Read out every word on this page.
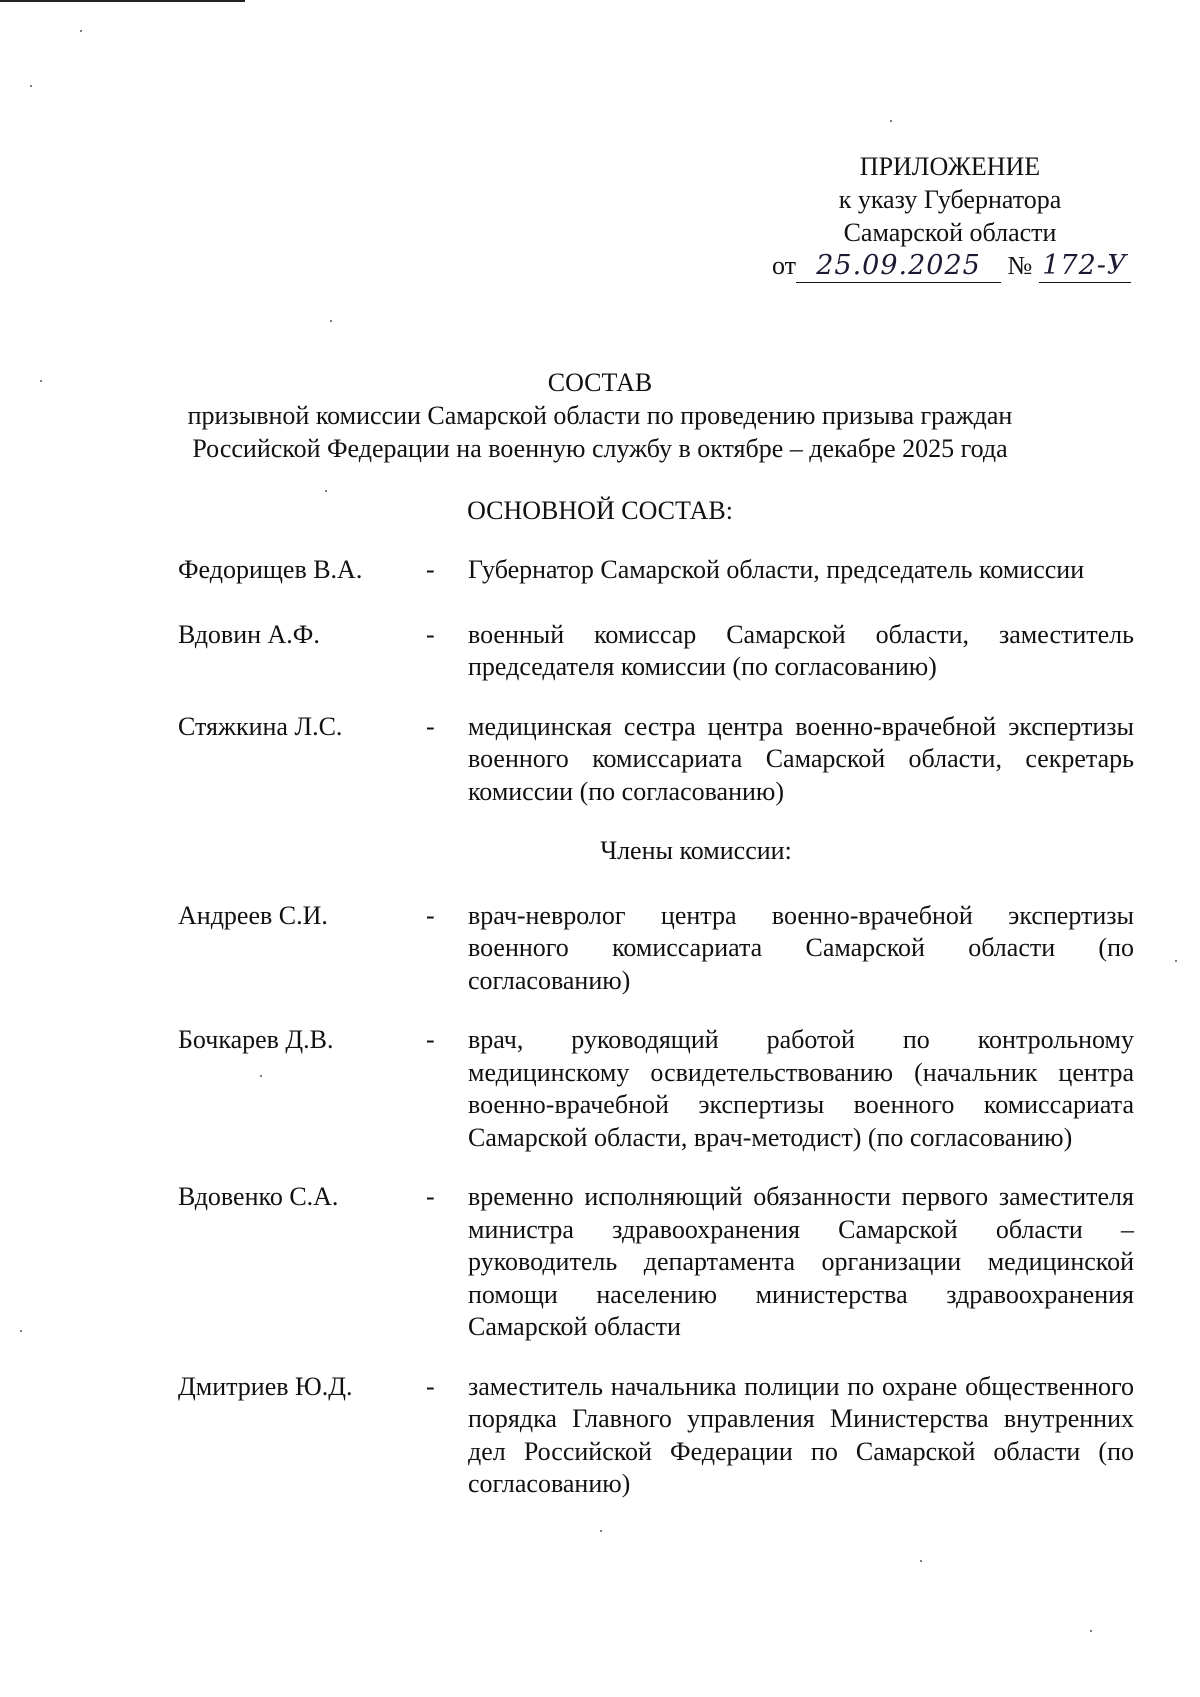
ПРИЛОЖЕНИЕ
к указу Губернатора
Самарской области
от 25.09.2025 № 172-У
СОСТАВ
призывной комиссии Самарской области по проведению призыва граждан
Российской Федерации на военную службу в октябре – декабре 2025 года
ОСНОВНОЙ СОСТАВ:
Федорищев В.А.	-	Губернатор Самарской области, председатель комиссии
Вдовин А.Ф.	-	военный комиссар Самарской области, заместитель председателя комиссии (по согласованию)
Стяжкина Л.С.	-	медицинская сестра центра военно-врачебной экспертизы военного комиссариата Самарской области, секретарь комиссии (по согласованию)
Члены комиссии:
Андреев С.И.	-	врач-невролог центра военно-врачебной экспертизы военного комиссариата Самарской области (по согласованию)
Бочкарев Д.В.	-	врач, руководящий работой по контрольному медицинскому освидетельствованию (начальник центра военно-врачебной экспертизы военного комиссариата Самарской области, врач-методист) (по согласованию)
Вдовенко С.А.	-	временно исполняющий обязанности первого заместителя министра здравоохранения Самарской области – руководитель департамента организации медицинской помощи населению министерства здравоохранения Самарской области
Дмитриев Ю.Д.	-	заместитель начальника полиции по охране общественного порядка Главного управления Министерства внутренних дел Российской Федерации по Самарской области (по согласованию)
